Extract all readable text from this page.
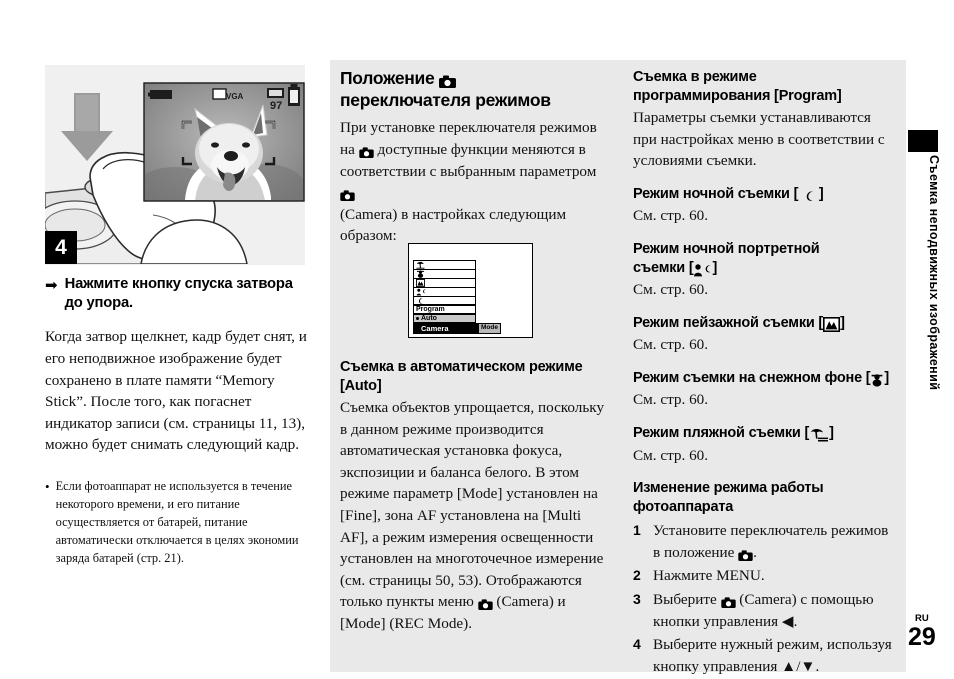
VGA
97
4
➡ Нажмите кнопку спуска затвора до упора.

Когда затвор щелкнет, кадр будет снят, и его неподвижное изображение будет сохранено в плате памяти “Memory Stick”. После того, как погаснет индикатор записи (см. страницы 11, 13), можно будет снимать следующий кадр.

• Если фотоаппарат не используется в течение некоторого времени, и его питание осуществляется от батарей, питание автоматически отключается в целях экономии заряда батарей (стр. 21).
Положение
переключателя режимов

При установке переключателя режимов на доступные функции меняются в соответствии с выбранным параметром
(Camera) в настройках следующим образом:

Program
Auto
Camera	Mode
Съемка в автоматическом режиме
[Auto]

Съемка объектов упрощается, поскольку в данном режиме производится автоматическая установка фокуса, экспозиции и баланса белого. В этом режиме параметр [Mode] установлен на [Fine], зона AF установлена на [Multi AF], а режим измерения освещенности установлен на многоточечное измерение (см. страницы 50, 53). Отображаются только пункты меню (Camera) и [Mode] (REC Mode).

Съемка в режиме
программирования [Program]

Параметры съемки устанавливаются при настройках меню в соответствии с условиями съемки.

Режим ночной съемки [ ]

См. стр. 60.

Режим ночной портретной
съемки [ ]

См. стр. 60.

Режим пейзажной съемки [ ]

См. стр. 60.

Режим съемки на снежном фоне [ ]

См. стр. 60.

Режим пляжной съемки [ ]

См. стр. 60.

Изменение режима работы
фотоаппарата
1 Установите переключатель режимов в положение .
2 Нажмите MENU.
3 Выберите (Camera) с помощью кнопки управления ◀.
4 Выберите нужный режим, используя кнопку управления ▲/▼.
Съемка неподвижных изображений
RU
29
